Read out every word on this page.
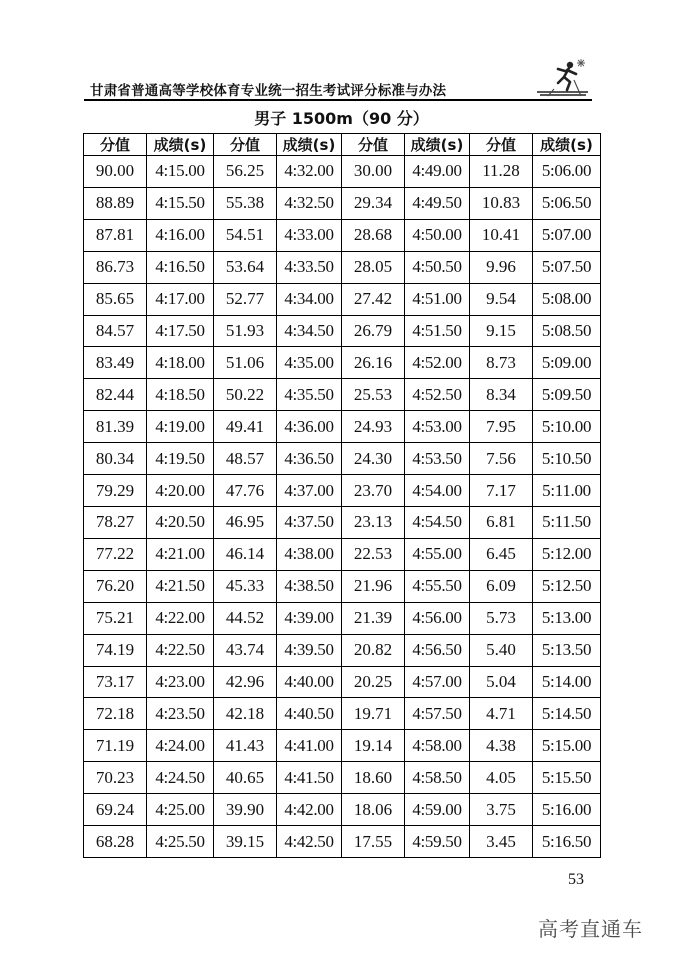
甘肃省普通高等学校体育专业统一招生考试评分标准与办法
男子 1500m（90 分）
分值	成绩(s)	分值	成绩(s)	分值	成绩(s)	分值	成绩(s)
90.00	4:15.00	56.25	4:32.00	30.00	4:49.00	11.28	5:06.00
88.89	4:15.50	55.38	4:32.50	29.34	4:49.50	10.83	5:06.50
87.81	4:16.00	54.51	4:33.00	28.68	4:50.00	10.41	5:07.00
86.73	4:16.50	53.64	4:33.50	28.05	4:50.50	9.96	5:07.50
85.65	4:17.00	52.77	4:34.00	27.42	4:51.00	9.54	5:08.00
84.57	4:17.50	51.93	4:34.50	26.79	4:51.50	9.15	5:08.50
83.49	4:18.00	51.06	4:35.00	26.16	4:52.00	8.73	5:09.00
82.44	4:18.50	50.22	4:35.50	25.53	4:52.50	8.34	5:09.50
81.39	4:19.00	49.41	4:36.00	24.93	4:53.00	7.95	5:10.00
80.34	4:19.50	48.57	4:36.50	24.30	4:53.50	7.56	5:10.50
79.29	4:20.00	47.76	4:37.00	23.70	4:54.00	7.17	5:11.00
78.27	4:20.50	46.95	4:37.50	23.13	4:54.50	6.81	5:11.50
77.22	4:21.00	46.14	4:38.00	22.53	4:55.00	6.45	5:12.00
76.20	4:21.50	45.33	4:38.50	21.96	4:55.50	6.09	5:12.50
75.21	4:22.00	44.52	4:39.00	21.39	4:56.00	5.73	5:13.00
74.19	4:22.50	43.74	4:39.50	20.82	4:56.50	5.40	5:13.50
73.17	4:23.00	42.96	4:40.00	20.25	4:57.00	5.04	5:14.00
72.18	4:23.50	42.18	4:40.50	19.71	4:57.50	4.71	5:14.50
71.19	4:24.00	41.43	4:41.00	19.14	4:58.00	4.38	5:15.00
70.23	4:24.50	40.65	4:41.50	18.60	4:58.50	4.05	5:15.50
69.24	4:25.00	39.90	4:42.00	18.06	4:59.00	3.75	5:16.00
68.28	4:25.50	39.15	4:42.50	17.55	4:59.50	3.45	5:16.50
53
高考直通车
